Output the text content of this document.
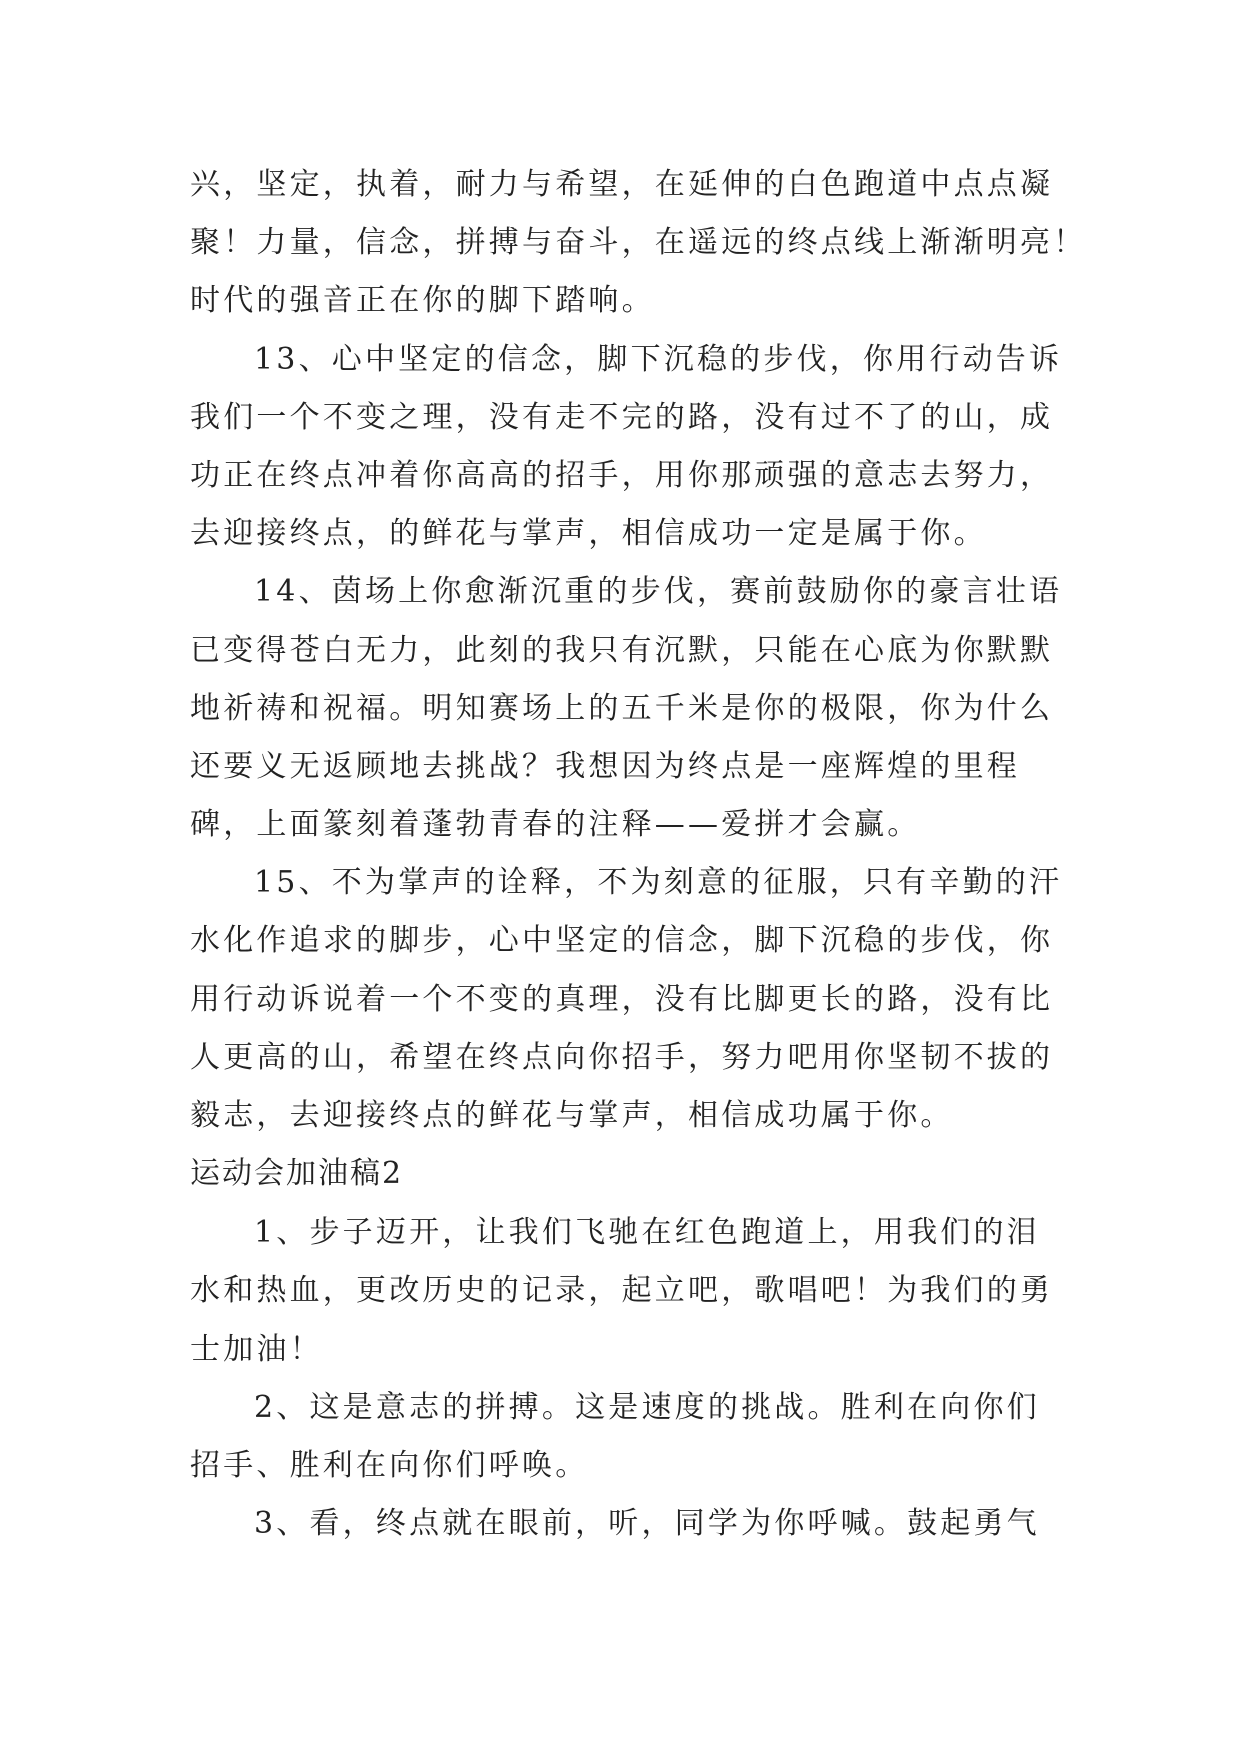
兴，坚定，执着，耐力与希望，在延伸的白色跑道中点点凝
聚！力量，信念，拼搏与奋斗，在遥远的终点线上渐渐明亮！
时代的强音正在你的脚下踏响。
13、心中坚定的信念，脚下沉稳的步伐，你用行动告诉
我们一个不变之理，没有走不完的路，没有过不了的山，成
功正在终点冲着你高高的招手，用你那顽强的意志去努力，
去迎接终点，的鲜花与掌声，相信成功一定是属于你。
14、茵场上你愈渐沉重的步伐，赛前鼓励你的豪言壮语
已变得苍白无力，此刻的我只有沉默，只能在心底为你默默
地祈祷和祝福。明知赛场上的五千米是你的极限，你为什么
还要义无返顾地去挑战？我想因为终点是一座辉煌的里程
碑，上面篆刻着蓬勃青春的注释——爱拼才会赢。
15、不为掌声的诠释，不为刻意的征服，只有辛勤的汗
水化作追求的脚步，心中坚定的信念，脚下沉稳的步伐，你
用行动诉说着一个不变的真理，没有比脚更长的路，没有比
人更高的山，希望在终点向你招手，努力吧用你坚韧不拔的
毅志，去迎接终点的鲜花与掌声，相信成功属于你。
运动会加油稿2
1、步子迈开，让我们飞驰在红色跑道上，用我们的泪
水和热血，更改历史的记录，起立吧，歌唱吧！为我们的勇
士加油！
2、这是意志的拼搏。这是速度的挑战。胜利在向你们
招手、胜利在向你们呼唤。
3、看，终点就在眼前，听，同学为你呼喊。鼓起勇气
